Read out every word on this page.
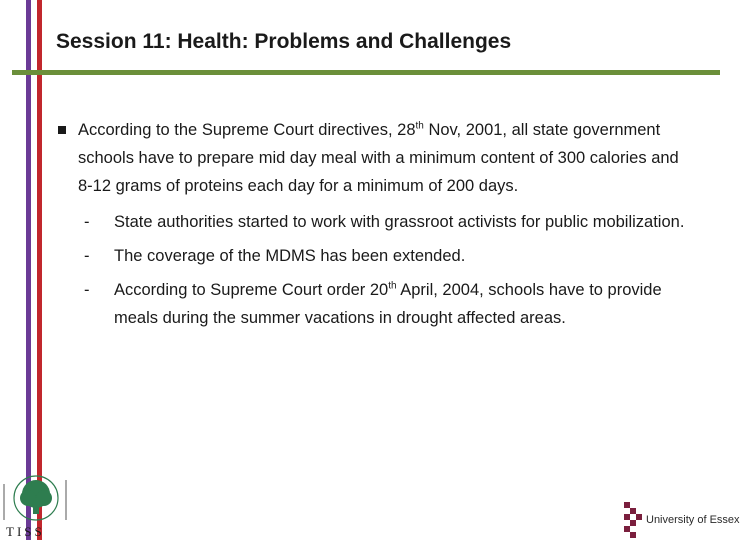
Session 11: Health: Problems and Challenges
According to the Supreme Court directives, 28th Nov, 2001, all state government schools have to prepare mid day meal with a minimum content of 300 calories and 8-12 grams of proteins each day for a minimum of 200 days.
- State authorities started to work with grassroot activists for public mobilization.
- The coverage of the MDMS has been extended.
- According to Supreme Court order 20th April, 2004, schools have to provide meals during the summer vacations in drought affected areas.
TISS
University of Essex
